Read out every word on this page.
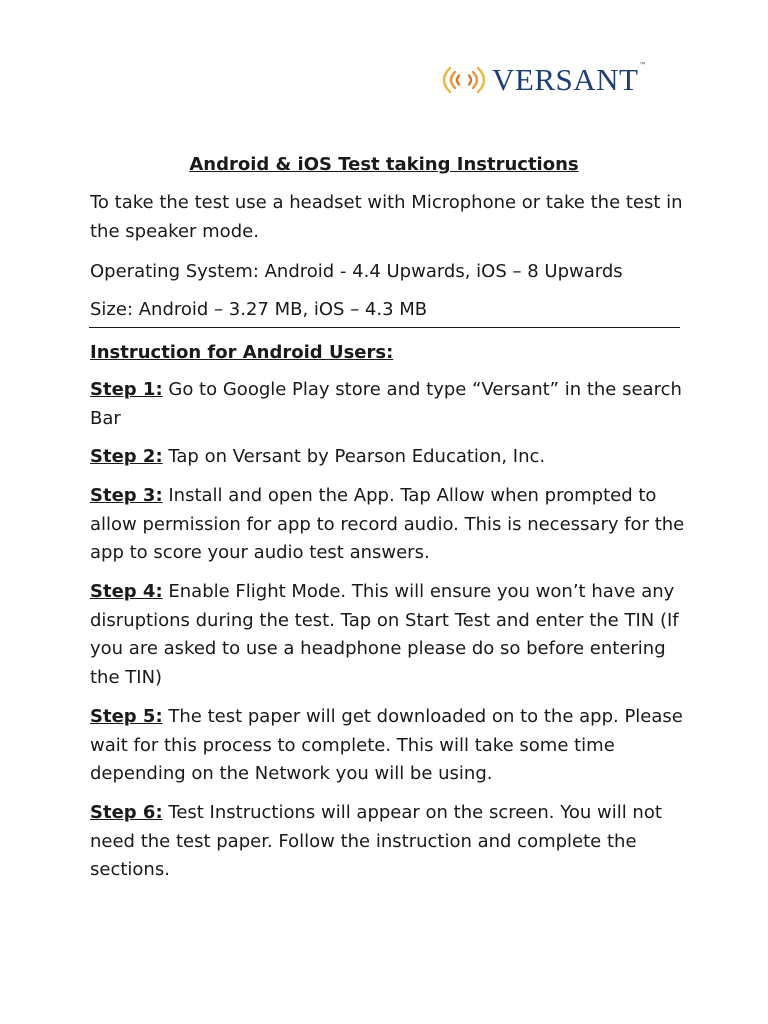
VERSANT ™
Android & iOS Test taking Instructions

To take the test use a headset with Microphone or take the test in the speaker mode.

Operating System: Android - 4.4 Upwards, iOS – 8 Upwards

Size: Android – 3.27 MB, iOS – 4.3 MB

Instruction for Android Users:

Step 1: Go to Google Play store and type “Versant” in the search Bar

Step 2: Tap on Versant by Pearson Education, Inc.

Step 3: Install and open the App. Tap Allow when prompted to allow permission for app to record audio. This is necessary for the app to score your audio test answers.

Step 4: Enable Flight Mode. This will ensure you won’t have any disruptions during the test. Tap on Start Test and enter the TIN (If you are asked to use a headphone please do so before entering the TIN)

Step 5: The test paper will get downloaded on to the app. Please wait for this process to complete. This will take some time depending on the Network you will be using.

Step 6: Test Instructions will appear on the screen. You will not need the test paper. Follow the instruction and complete the sections.
